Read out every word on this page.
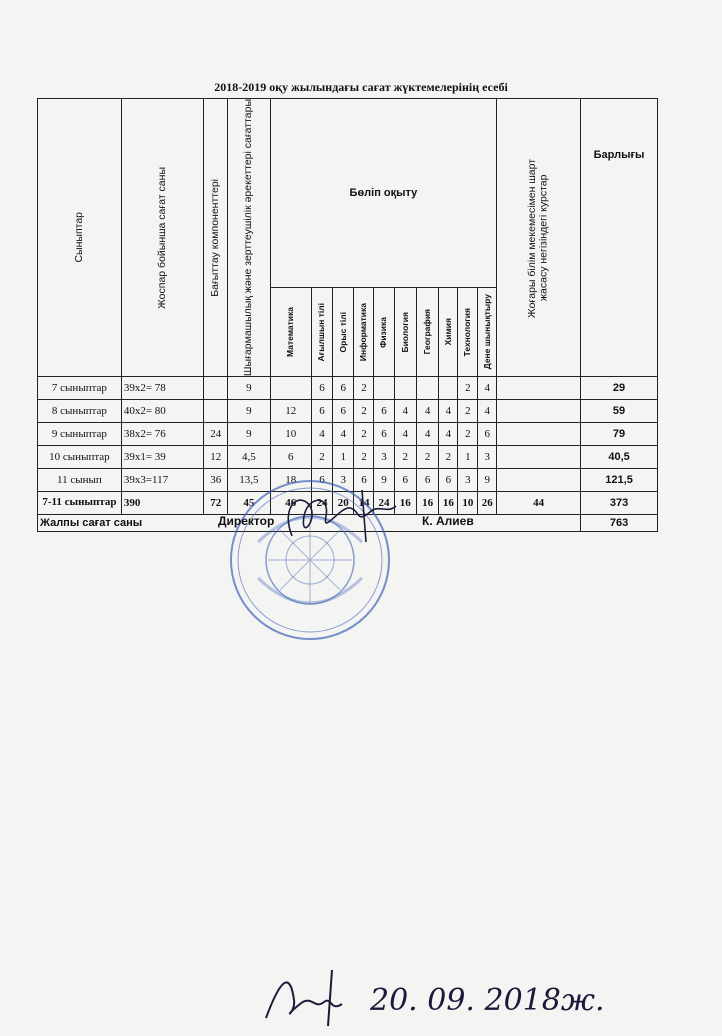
2018-2019 оқу жылындағы сағат жүктемелерінің есебі
Сыныптар	Жоспар бойынша сағат саны	Бағыттау компоненттері	Шығармашылық және зерттеушілік әрекеттері сағаттары	Бөліп оқыту										Жоғары білім мекемесімен шарт жасасу негізіндегі курстар	Барлығы

				Математика	Ағылшын тілі	Орыс тілі	Информатика	Физика	Биология	География	Химия	Технология	Дене шынықтыру		

7 сыныптар	39х2= 78		9		6	6	2					2	4		29
8 сыныптар	40х2= 80		9	12	6	6	2	6	4	4	4	2	4		59
9 сыныптар	38х2= 76	24	9	10	4	4	2	6	4	4	4	2	6		79
10 сыныптар	39х1= 39	12	4,5	6	2	1	2	3	2	2	2	1	3		40,5
11 сынып	39х3=117	36	13,5	18	6	3	6	9	6	6	6	3	9		121,5
7-11 сыныптар	390	72	45	46	24	20	14	24	16	16	16	10	26	44	373
Жалпы сағат саны															763
Директор	К. Алиев
20. 09. 2018ж.
